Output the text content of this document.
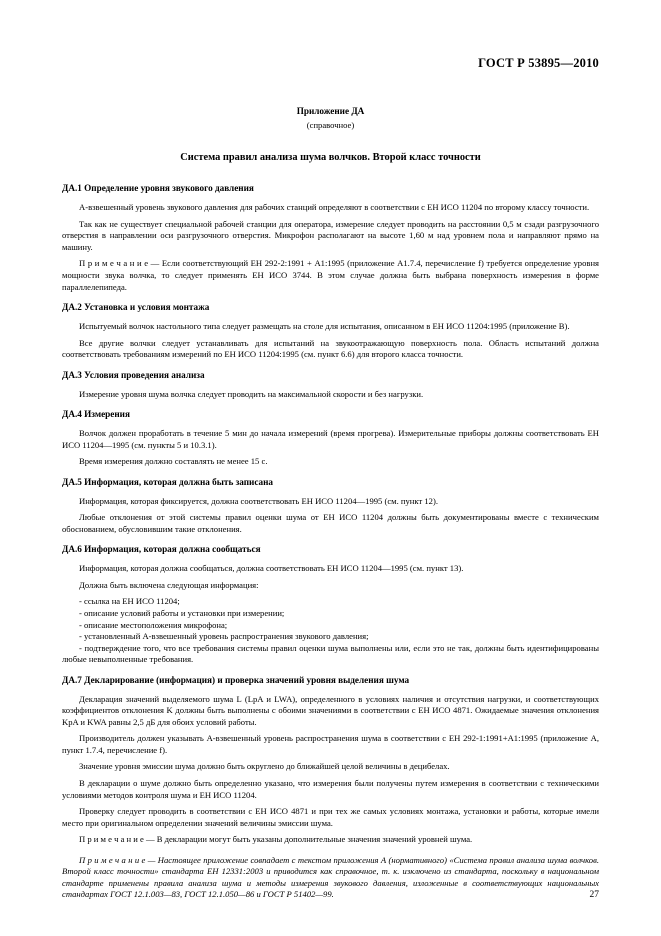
ГОСТ Р 53895—2010
Приложение ДА
(справочное)
Система правил анализа шума волчков. Второй класс точности
ДА.1 Определение уровня звукового давления

А-взвешенный уровень звукового давления для рабочих станций определяют в соответствии с ЕН ИСО 11204 по второму классу точности.

Так как не существует специальной рабочей станции для оператора, измерение следует проводить на расстоянии 0,5 м сзади разгрузочного отверстия в направлении оси разгрузочного отверстия. Микрофон располагают на высоте 1,60 м над уровнем пола и направляют прямо на машину.

П р и м е ч а н и е — Если соответствующий ЕН 292-2:1991 + А1:1995 (приложение А1.7.4, перечисление f) требуется определение уровня мощности звука волчка, то следует применять ЕН ИСО 3744. В этом случае должна быть выбрана поверхность измерения в форме параллелепипеда.

ДА.2 Установка и условия монтажа

Испытуемый волчок настольного типа следует размещать на столе для испытания, описанном в ЕН ИСО 11204:1995 (приложение В).

Все другие волчки следует устанавливать для испытаний на звукоотражающую поверхность пола. Область испытаний должна соответствовать требованиям измерений по ЕН ИСО 11204:1995 (см. пункт 6.6) для второго класса точности.

ДА.3 Условия проведения анализа

Измерение уровня шума волчка следует проводить на максимальной скорости и без нагрузки.

ДА.4 Измерения

Волчок должен проработать в течение 5 мин до начала измерений (время прогрева). Измерительные приборы должны соответствовать ЕН ИСО 11204—1995 (см. пункты 5 и 10.3.1).

Время измерения должно составлять не менее 15 с.

ДА.5 Информация, которая должна быть записана

Информация, которая фиксируется, должна соответствовать ЕН ИСО 11204—1995 (см. пункт 12).

Любые отклонения от этой системы правил оценки шума от ЕН ИСО 11204 должны быть документированы вместе с техническим обоснованием, обусловившим такие отклонения.

ДА.6 Информация, которая должна сообщаться

Информация, которая должна сообщаться, должна соответствовать ЕН ИСО 11204—1995 (см. пункт 13).

Должна быть включена следующая информация:

- ссылка на ЕН ИСО 11204;
- описание условий работы и установки при измерении;
- описание местоположения микрофона;
- установленный А-взвешенный уровень распространения звукового давления;
- подтверждение того, что все требования системы правил оценки шума выполнены или, если это не так, должны быть идентифицированы любые невыполненные требования.
ДА.7 Декларирование (информация) и проверка значений уровня выделения шума

Декларация значений выделяемого шума L (LpA и LWA), определенного в условиях наличия и отсутствия нагрузки, и соответствующих коэффициентов отклонения K должны быть выполнены с обоими значениями в соответствии с ЕН ИСО 4871. Ожидаемые значения отклонения KpA и KWA равны 2,5 дБ для обоих условий работы.

Производитель должен указывать А-взвешенный уровень распространения шума в соответствии с ЕН 292-1:1991+А1:1995 (приложение А, пункт 1.7.4, перечисление f).

Значение уровня эмиссии шума должно быть округлено до ближайшей целой величины в децибелах.

В декларации о шуме должно быть определенно указано, что измерения были получены путем измерения в соответствии с техническими условиями методов контроля шума и ЕН ИСО 11204.

Проверку следует проводить в соответствии с ЕН ИСО 4871 и при тех же самых условиях монтажа, установки и работы, которые имели место при оригинальном определении значений величины эмиссии шума.

П р и м е ч а н и е — В декларации могут быть указаны дополнительные значения значений уровней шума.

П р и м е ч а н и е — Настоящее приложение совпадает с текстом приложения А (нормативного) «Система правил анализа шума волчков. Второй класс точности» стандарта ЕН 12331:2003 и приводится как справочное, т. к. изключено из стандарта, поскольку в национальном стандарте применены правила анализа шума и методы измерения звукового давления, изложенные в соответствующих национальных стандартах ГОСТ 12.1.003—83, ГОСТ 12.1.050—86 и ГОСТ Р 51402—99.	27
